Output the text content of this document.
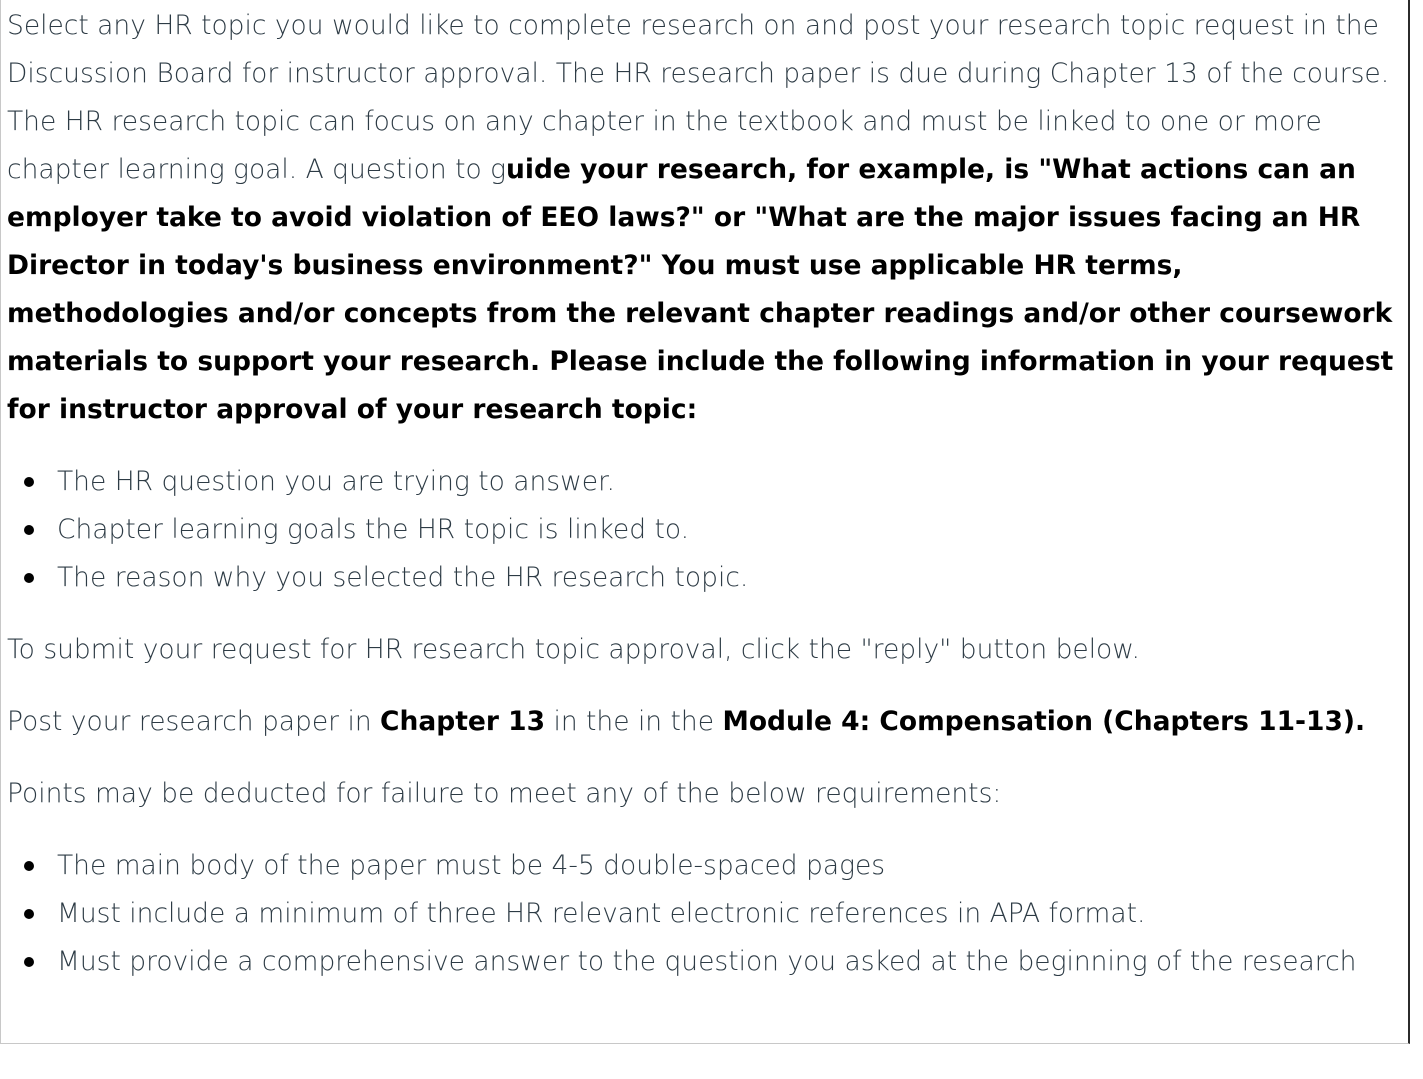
Select any HR topic you would like to complete research on and post your research topic request in the Discussion Board for instructor approval. The HR research paper is due during Chapter 13 of the course. The HR research topic can focus on any chapter in the textbook and must be linked to one or more chapter learning goal. A question to guide your research, for example, is "What actions can an employer take to avoid violation of EEO laws?" or "What are the major issues facing an HR Director in today's business environment?" You must use applicable HR terms, methodologies and/or concepts from the relevant chapter readings and/or other coursework materials to support your research. Please include the following information in your request for instructor approval of your research topic:

The HR question you are trying to answer.
Chapter learning goals the HR topic is linked to.
The reason why you selected the HR research topic.

To submit your request for HR research topic approval, click the "reply" button below.

Post your research paper in Chapter 13 in the in the Module 4: Compensation (Chapters 11-13).

Points may be deducted for failure to meet any of the below requirements:

The main body of the paper must be 4-5 double-spaced pages
Must include a minimum of three HR relevant electronic references in APA format.
Must provide a comprehensive answer to the question you asked at the beginning of the research
